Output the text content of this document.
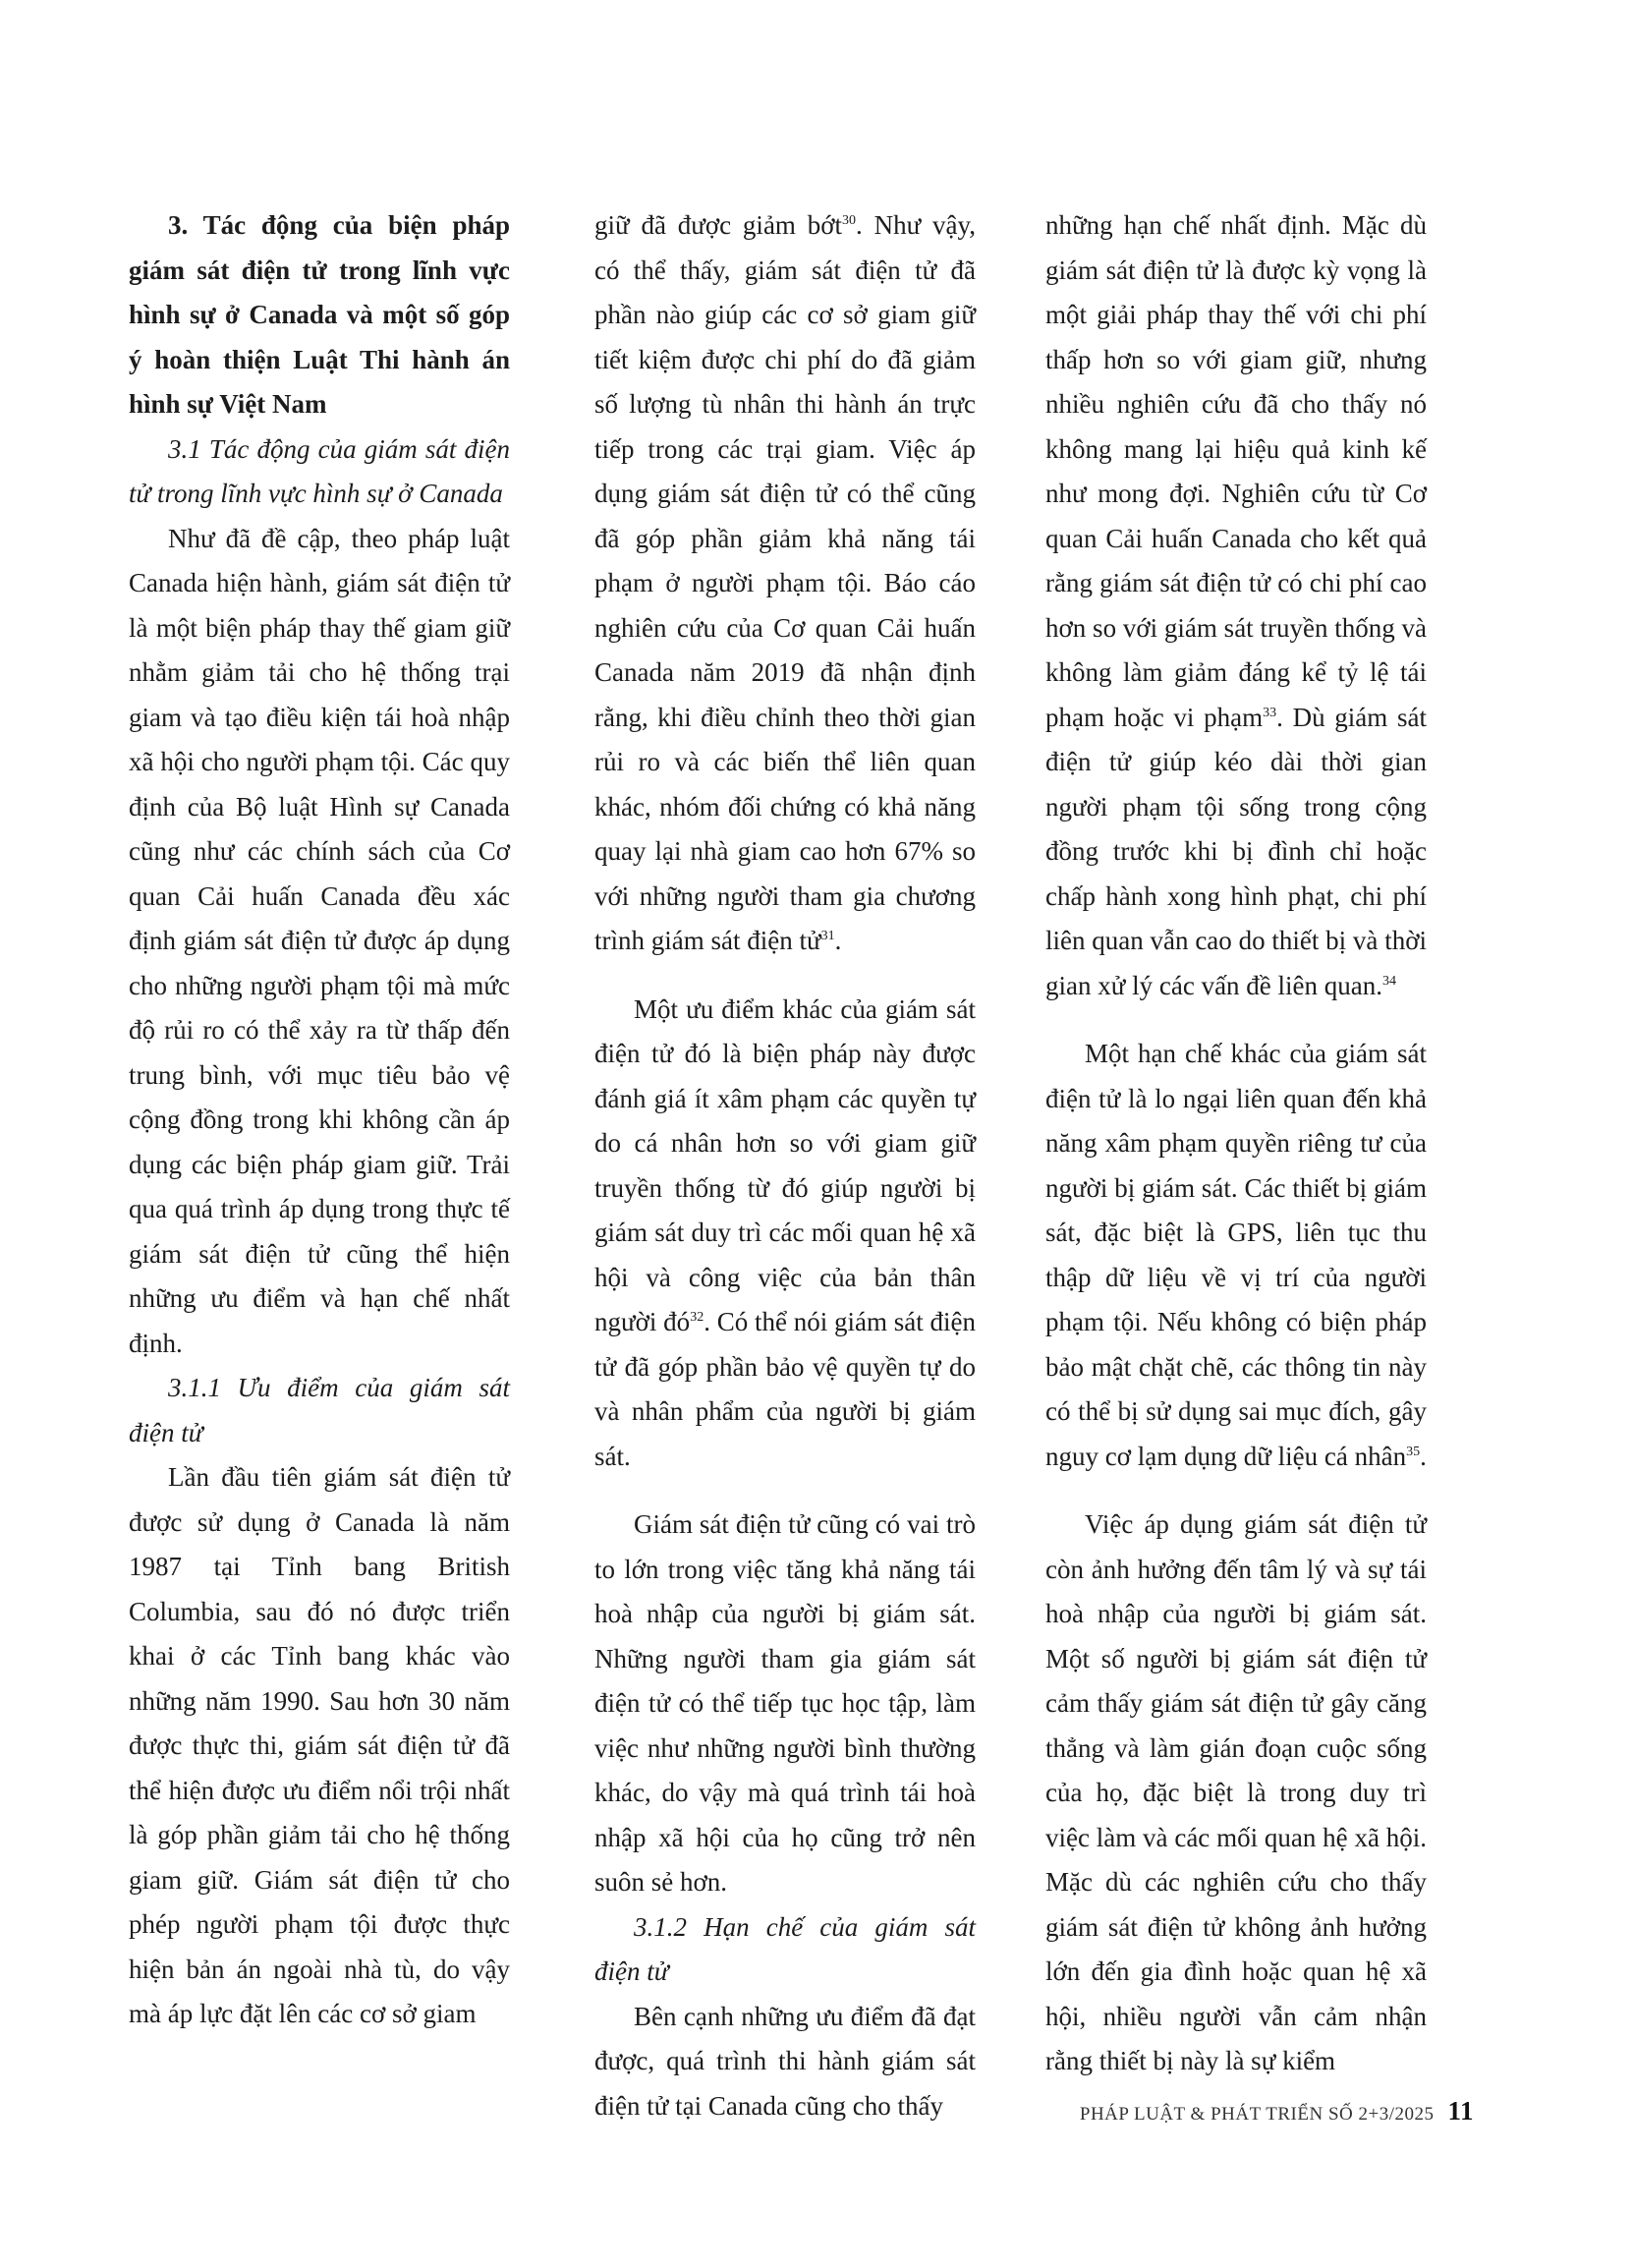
3. Tác động của biện pháp giám sát điện tử trong lĩnh vực hình sự ở Canada và một số góp ý hoàn thiện Luật Thi hành án hình sự Việt Nam

3.1 Tác động của giám sát điện tử trong lĩnh vực hình sự ở Canada

Như đã đề cập, theo pháp luật Canada hiện hành, giám sát điện tử là một biện pháp thay thế giam giữ nhằm giảm tải cho hệ thống trại giam và tạo điều kiện tái hoà nhập xã hội cho người phạm tội. Các quy định của Bộ luật Hình sự Canada cũng như các chính sách của Cơ quan Cải huấn Canada đều xác định giám sát điện tử được áp dụng cho những người phạm tội mà mức độ rủi ro có thể xảy ra từ thấp đến trung bình, với mục tiêu bảo vệ cộng đồng trong khi không cần áp dụng các biện pháp giam giữ. Trải qua quá trình áp dụng trong thực tế giám sát điện tử cũng thể hiện những ưu điểm và hạn chế nhất định.

3.1.1 Ưu điểm của giám sát điện tử

Lần đầu tiên giám sát điện tử được sử dụng ở Canada là năm 1987 tại Tỉnh bang British Columbia, sau đó nó được triển khai ở các Tỉnh bang khác vào những năm 1990. Sau hơn 30 năm được thực thi, giám sát điện tử đã thể hiện được ưu điểm nổi trội nhất là góp phần giảm tải cho hệ thống giam giữ. Giám sát điện tử cho phép người phạm tội được thực hiện bản án ngoài nhà tù, do vậy mà áp lực đặt lên các cơ sở giam

giữ đã được giảm bớt$^{30}$. Như vậy, có thể thấy, giám sát điện tử đã phần nào giúp các cơ sở giam giữ tiết kiệm được chi phí do đã giảm số lượng tù nhân thi hành án trực tiếp trong các trại giam. Việc áp dụng giám sát điện tử có thể cũng đã góp phần giảm khả năng tái phạm ở người phạm tội. Báo cáo nghiên cứu của Cơ quan Cải huấn Canada năm 2019 đã nhận định rằng, khi điều chỉnh theo thời gian rủi ro và các biến thể liên quan khác, nhóm đối chứng có khả năng quay lại nhà giam cao hơn 67% so với những người tham gia chương trình giám sát điện tử$^{31}$.

Một ưu điểm khác của giám sát điện tử đó là biện pháp này được đánh giá ít xâm phạm các quyền tự do cá nhân hơn so với giam giữ truyền thống từ đó giúp người bị giám sát duy trì các mối quan hệ xã hội và công việc của bản thân người $đó^{32}$. Có thể nói giám sát điện tử đã góp phần bảo vệ quyền tự do và nhân phẩm của người bị giám sát.

Giám sát điện tử cũng có vai trò to lớn trong việc tăng khả năng tái hoà nhập của người bị giám sát. Những người tham gia giám sát điện tử có thể tiếp tục học tập, làm việc như những người bình thường khác, do vậy mà quá trình tái hoà nhập xã hội của họ cũng trở nên suôn sẻ hơn.

3.1.2 Hạn chế của giám sát điện tử

Bên cạnh những ưu điểm đã đạt được, quá trình thi hành giám sát điện tử tại Canada cũng cho thấy

những hạn chế nhất định. Mặc dù giám sát điện tử là được kỳ vọng là một giải pháp thay thế với chi phí thấp hơn so với giam giữ, nhưng nhiều nghiên cứu đã cho thấy nó không mang lại hiệu quả kinh kế như mong đợi. Nghiên cứu từ Cơ quan Cải huấn Canada cho kết quả rằng giám sát điện tử có chi phí cao hơn so với giám sát truyền thống và không làm giảm đáng kể tỷ lệ tái phạm hoặc vi phạm$^{33}$. Dù giám sát điện tử giúp kéo dài thời gian người phạm tội sống trong cộng đồng trước khi bị đình chỉ hoặc chấp hành xong hình phạt, chi phí liên quan vẫn cao do thiết bị và thời gian xử lý các vấn đề liên quan.$^{34}$

Một hạn chế khác của giám sát điện tử là lo ngại liên quan đến khả năng xâm phạm quyền riêng tư của người bị giám sát. Các thiết bị giám sát, đặc biệt là GPS, liên tục thu thập dữ liệu về vị trí của người phạm tội. Nếu không có biện pháp bảo mật chặt chẽ, các thông tin này có thể bị sử dụng sai mục đích, gây nguy cơ lạm dụng dữ liệu cá nhân$^{35}$.

Việc áp dụng giám sát điện tử còn ảnh hưởng đến tâm lý và sự tái hoà nhập của người bị giám sát. Một số người bị giám sát điện tử cảm thấy giám sát điện tử gây căng thẳng và làm gián đoạn cuộc sống của họ, đặc biệt là trong duy trì việc làm và các mối quan hệ xã hội. Mặc dù các nghiên cứu cho thấy giám sát điện tử không ảnh hưởng lớn đến gia đình hoặc quan hệ xã hội, nhiều người vẫn cảm nhận rằng thiết bị này là sự kiểm

PHÁP LUẬT & PHÁT TRIỂN SỐ 2+3/2025 11
